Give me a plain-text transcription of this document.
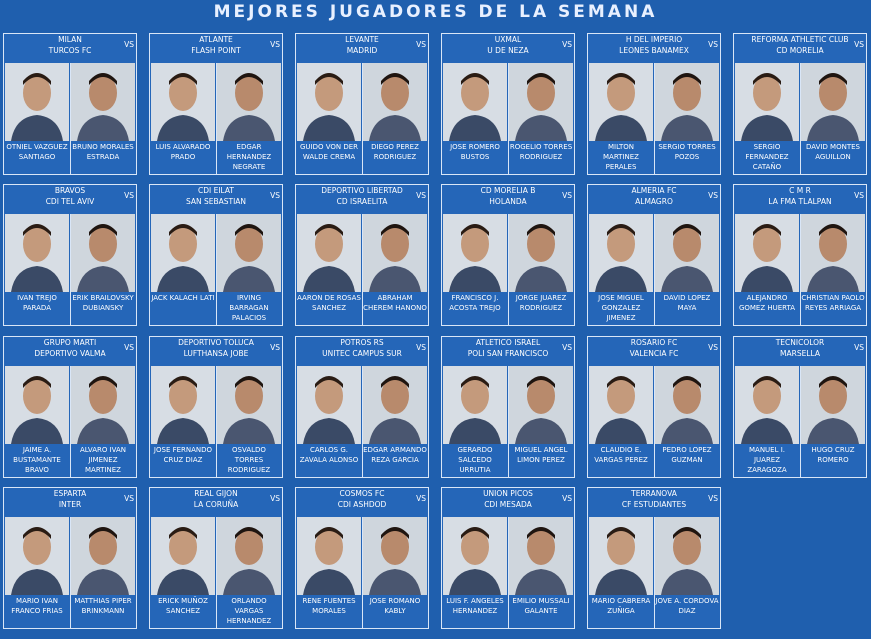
MEJORES JUGADORES DE LA SEMANA
MILAN
TURCOS FC
VS
OTNIEL VAZGUEZ SANTIAGO
BRUNO MORALES ESTRADA
ATLANTE
FLASH POINT
VS
LUIS ALVARADO PRADO
EDGAR HERNANDEZ NEGRATE
LEVANTE
MADRID
VS
GUIDO VON DER WALDE CREMA
DIEGO PEREZ RODRIGUEZ
UXMAL
U DE NEZA
VS
JOSE ROMERO BUSTOS
ROGELIO TORRES RODRIGUEZ
H DEL IMPERIO
LEONES BANAMEX
VS
MILTON MARTINEZ PERALES
SERGIO TORRES POZOS
REFORMA ATHLETIC CLUB
CD MORELIA
VS
SERGIO FERNANDEZ CATAÑO
DAVID MONTES AGUILLON
BRAVOS
CDI TEL AVIV
VS
IVAN TREJO PARADA
ERIK BRAILOVSKY DUBIANSKY
CDI EILAT
SAN SEBASTIAN
VS
JACK KALACH LATI	IRVING BARRAGAN PALACIOS
DEPORTIVO LIBERTAD
CD ISRAELITA
VS
AARON DE ROSAS SANCHEZ
ABRAHAM CHEREM HANONO
CD MORELIA B
HOLANDA
VS
FRANCISCO J. ACOSTA TREJO
JORGE JUAREZ RODRIGUEZ
ALMERIA FC
ALMAGRO
VS
JOSE MIGUEL GONZALEZ JIMENEZ
DAVID LOPEZ MAYA
C M R
LA FMA TLALPAN
VS
ALEJANDRO GOMEZ HUERTA
CHRISTIAN PAOLO REYES ARRIAGA
GRUPO MARTI
DEPORTIVO VALMA
VS
JAIME A. BUSTAMANTE BRAVO
ALVARO IVAN JIMENEZ MARTINEZ
DEPORTIVO TOLUCA
LUFTHANSA JOBE
VS
JOSE FERNANDO CRUZ DIAZ
OSVALDO TORRES RODRIGUEZ
POTROS RS
UNITEC CAMPUS SUR
VS
CARLOS G. ZAVALA ALONSO
EDGAR ARMANDO REZA GARCIA
ATLETICO ISRAEL
POLI SAN FRANCISCO
VS
GERARDO SALCEDO URRUTIA
MIGUEL ANGEL LIMON PEREZ
ROSARIO FC
VALENCIA FC
VS
CLAUDIO E. VARGAS PEREZ
PEDRO LOPEZ GUZMAN
TECNICOLOR
MARSELLA
VS
MANUEL I. JUAREZ ZARAGOZA
HUGO CRUZ ROMERO
ESPARTA
INTER
VS
MARIO IVAN FRANCO FRIAS
MATTHIAS PIPER BRINKMANN
REAL GIJON
LA CORUÑA
VS
ERICK MUÑOZ SANCHEZ
ORLANDO VARGAS HERNANDEZ
COSMOS FC
CDI ASHDOD
VS
RENE FUENTES MORALES
JOSE ROMANO KABLY
UNION PICOS
CDI MESADA
VS
LUIS F. ANGELES HERNANDEZ
EMILIO MUSSALI GALANTE
TERRANOVA
CF ESTUDIANTES
VS
MARIO CABRERA ZUÑIGA
JOVE A. CORDOVA DIAZ
